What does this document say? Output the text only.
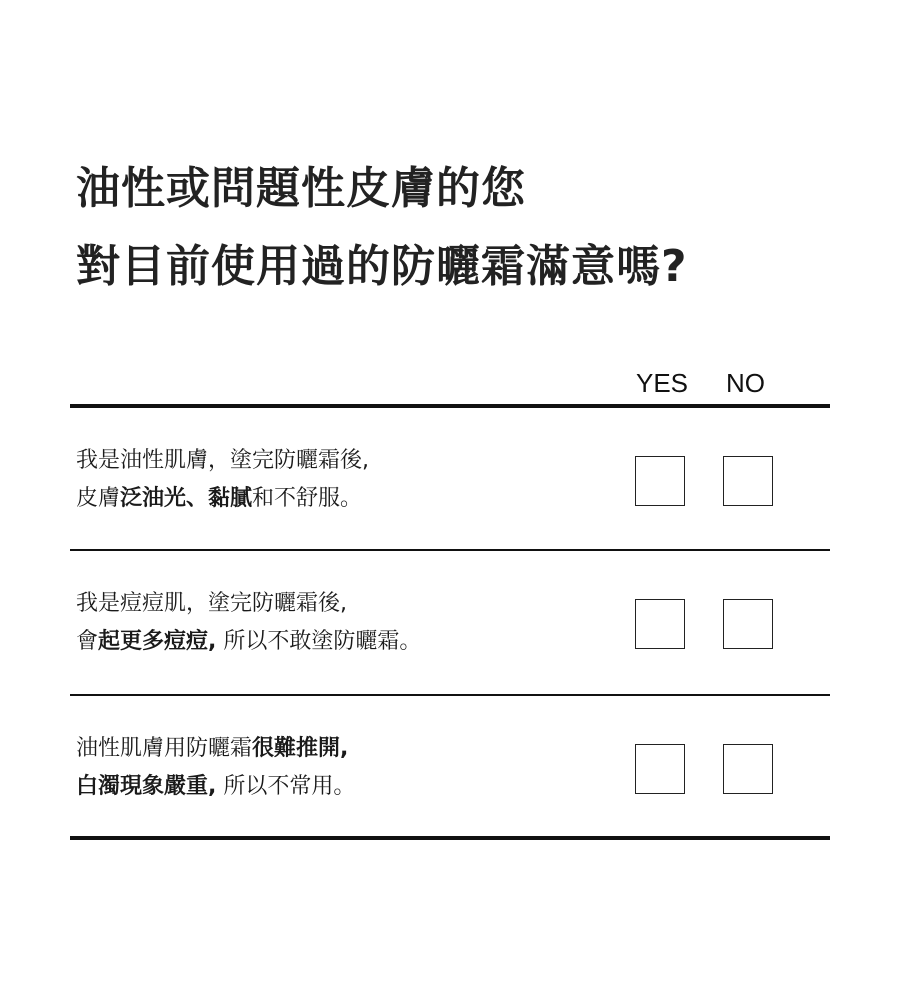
油性或問題性皮膚的您
對目前使用過的防曬霜滿意嗎?
YES NO
我是油性肌膚，塗完防曬霜後,
皮膚泛油光、黏膩和不舒服。
我是痘痘肌，塗完防曬霜後,
會起更多痘痘, 所以不敢塗防曬霜。
油性肌膚用防曬霜很難推開,
白濁現象嚴重, 所以不常用。
